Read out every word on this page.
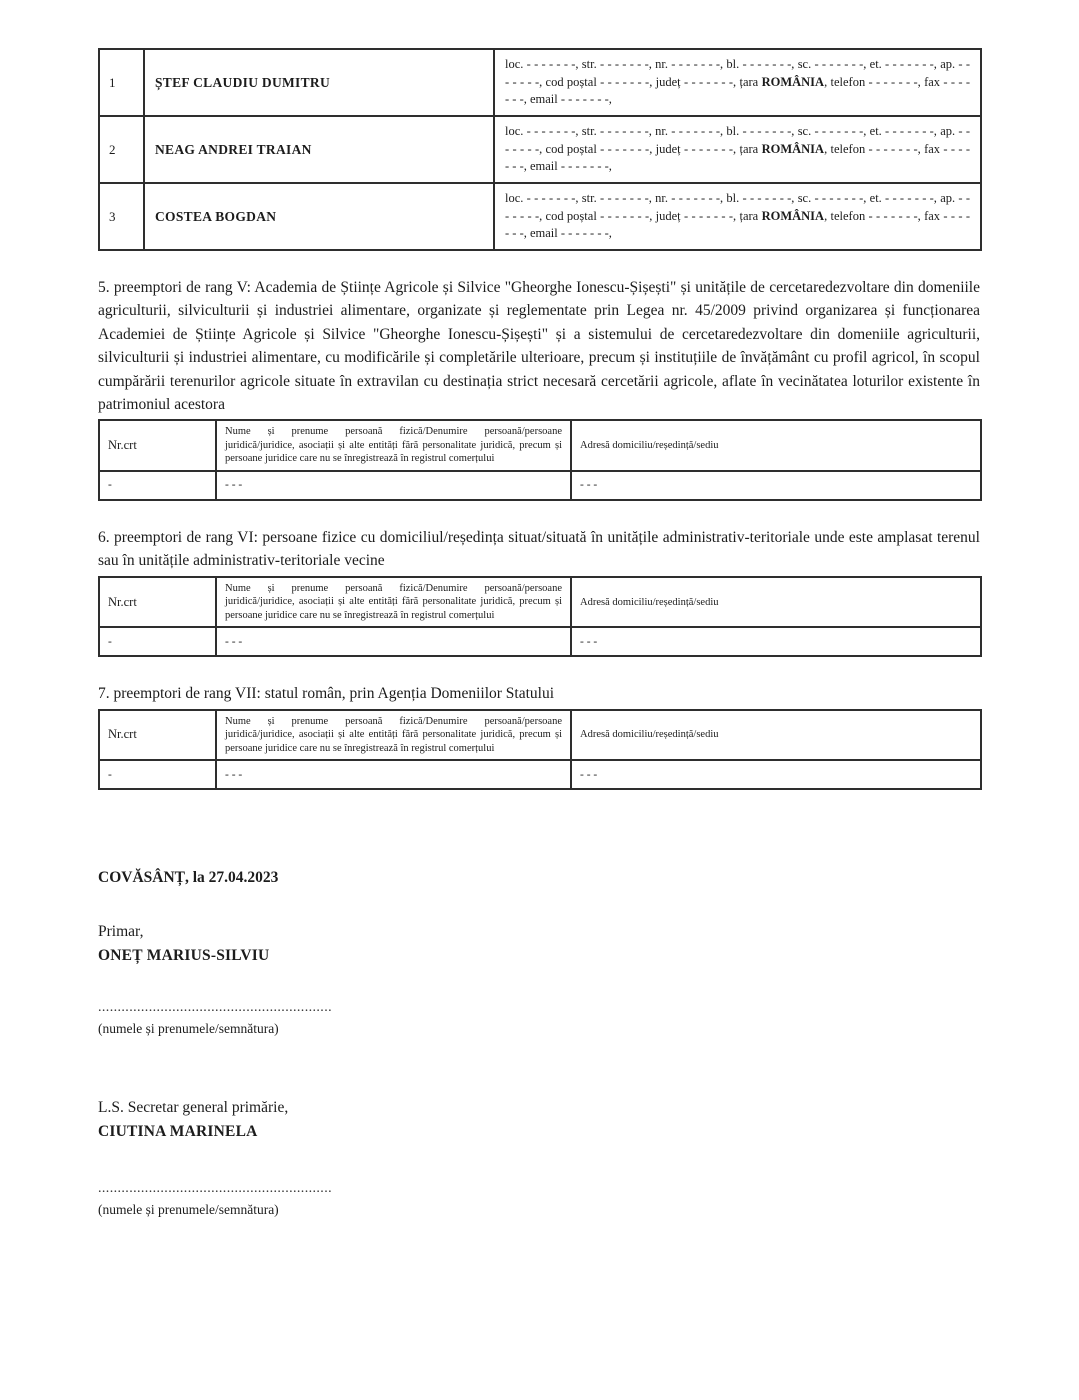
1	ȘTEF CLAUDIU DUMITRU	loc. - - - - - - -, str. - - - - - - -, nr. - - - - - - -, bl. - - - - - - -, sc. - - - - - - -, et. - - - - - - -, ap. - - - - - - -, cod poștal - - - - - - -, județ - - - - - - -, țara ROMÂNIA, telefon - - - - - - -, fax - - - - - - -, email - - - - - - -,

2	NEAG ANDREI TRAIAN	loc. - - - - - - -, str. - - - - - - -, nr. - - - - - - -, bl. - - - - - - -, sc. - - - - - - -, et. - - - - - - -, ap. - - - - - - -, cod poștal - - - - - - -, județ - - - - - - -, țara ROMÂNIA, telefon - - - - - - -, fax - - - - - - -, email - - - - - - -,

3	COSTEA BOGDAN	loc. - - - - - - -, str. - - - - - - -, nr. - - - - - - -, bl. - - - - - - -, sc. - - - - - - -, et. - - - - - - -, ap. - - - - - - -, cod poștal - - - - - - -, județ - - - - - - -, țara ROMÂNIA, telefon - - - - - - -, fax - - - - - - -, email - - - - - - -,

5. preemptori de rang V: Academia de Științe Agricole și Silvice "Gheorghe Ionescu-Șișești" și unitățile de cercetaredezvoltare din domeniile agriculturii, silviculturii și industriei alimentare, organizate și reglementate prin Legea nr. 45/2009 privind organizarea și funcționarea Academiei de Științe Agricole și Silvice "Gheorghe Ionescu-Șișești" și a sistemului de cercetaredezvoltare din domeniile agriculturii, silviculturii și industriei alimentare, cu modificările și completările ulterioare, precum și instituțiile de învățământ cu profil agricol, în scopul cumpărării terenurilor agricole situate în extravilan cu destinația strict necesară cercetării agricole, aflate în vecinătatea loturilor existente în patrimoniul acestora

Nr.crt	Nume și prenume persoană fizică/Denumire persoană/persoane juridică/juridice, asociații și alte entități fără personalitate juridică, precum și persoane juridice care nu se înregistrează în registrul comerțului	Adresă domiciliu/reședință/sediu
-	- - -	- - -

6. preemptori de rang VI: persoane fizice cu domiciliul/reședința situat/situată în unitățile administrativ-teritoriale unde este amplasat terenul sau în unitățile administrativ-teritoriale vecine

Nr.crt	Nume și prenume persoană fizică/Denumire persoană/persoane juridică/juridice, asociații și alte entități fără personalitate juridică, precum și persoane juridice care nu se înregistrează în registrul comerțului	Adresă domiciliu/reședință/sediu
-	- - -	- - -

7. preemptori de rang VII: statul român, prin Agenția Domeniilor Statului

Nr.crt	Nume și prenume persoană fizică/Denumire persoană/persoane juridică/juridice, asociații și alte entități fără personalitate juridică, precum și persoane juridice care nu se înregistrează în registrul comerțului	Adresă domiciliu/reședință/sediu
-	- - -	- - -
COVĂSÂNȚ, la 27.04.2023
Primar,
ONEȚ MARIUS-SILVIU
............................................................
(numele și prenumele/semnătura)
L.S. Secretar general primărie,
CIUTINA MARINELA
............................................................
(numele și prenumele/semnătura)
